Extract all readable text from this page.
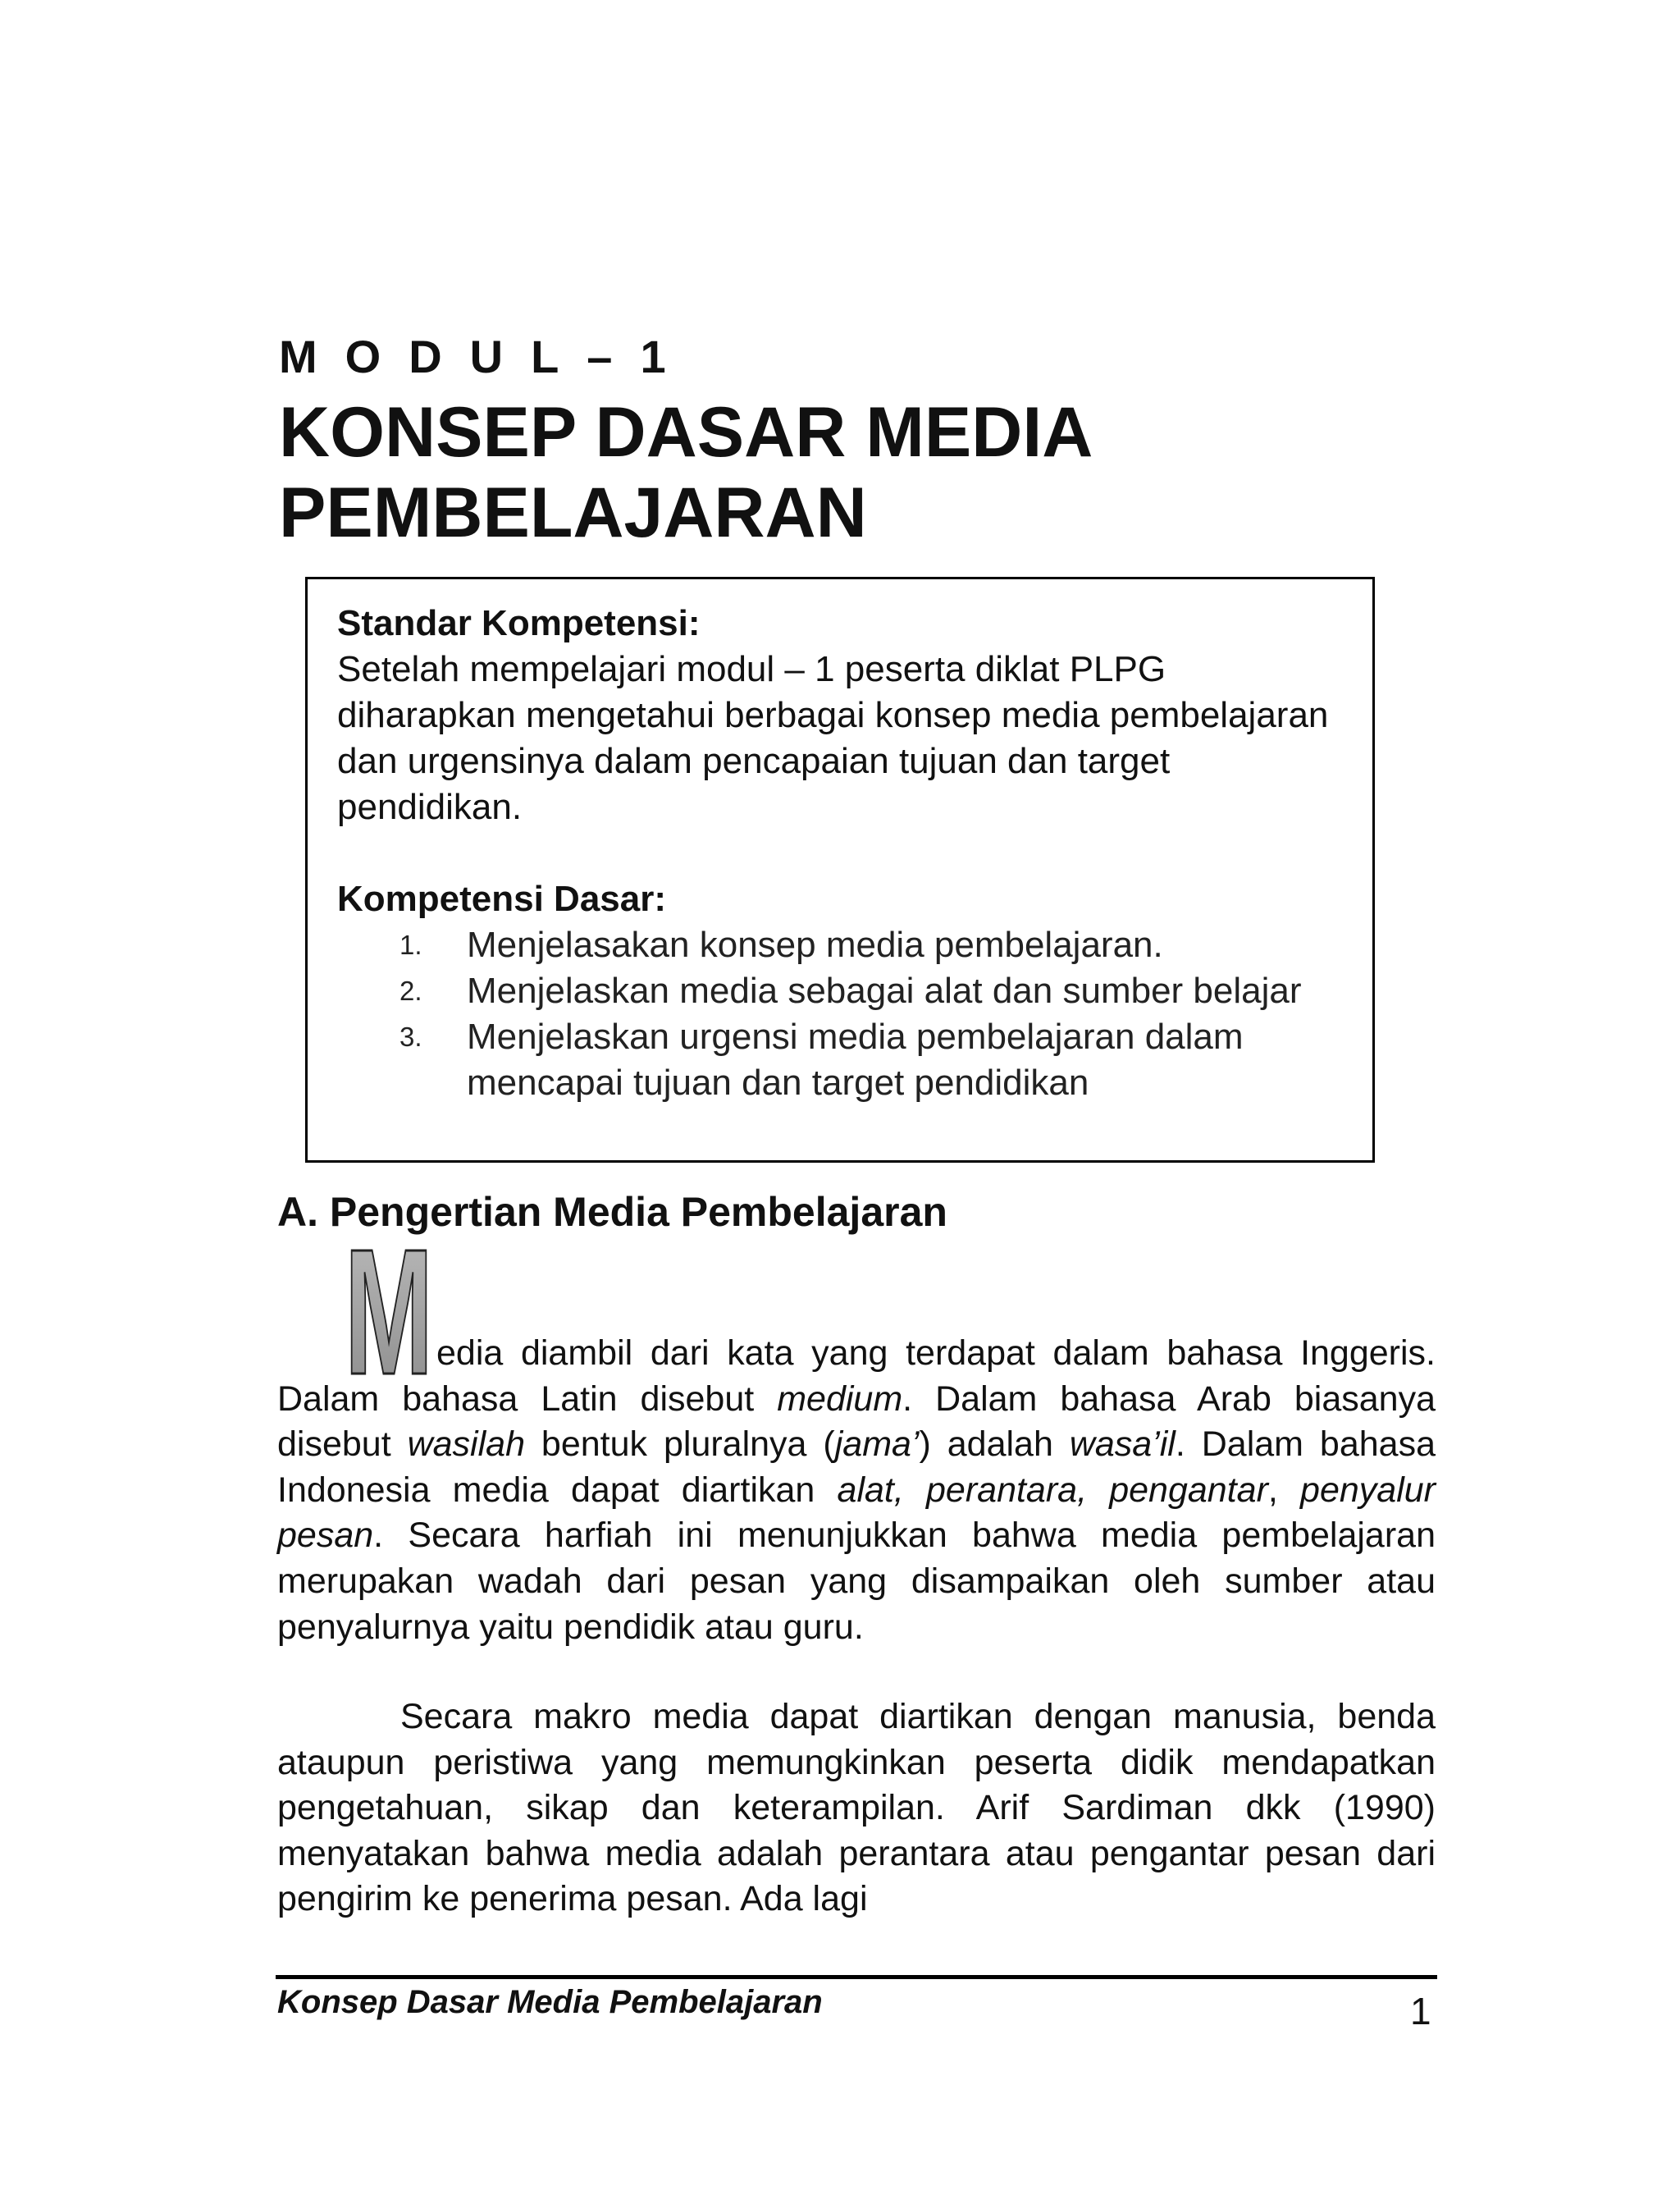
MODUL–1
KONSEP DASAR MEDIA
PEMBELAJARAN
Standar Kompetensi:
Setelah mempelajari modul – 1 peserta diklat PLPG diharapkan mengetahui berbagai konsep media pembelajaran dan urgensinya dalam pencapaian tujuan dan target pendidikan.
Kompetensi Dasar:
1. Menjelasakan konsep media pembelajaran.
2. Menjelaskan media sebagai alat dan sumber belajar
3. Menjelaskan urgensi media pembelajaran dalam mencapai tujuan dan target pendidikan
A. Pengertian Media Pembelajaran
M edia diambil dari kata yang terdapat dalam bahasa Inggeris. Dalam bahasa Latin disebut medium. Dalam bahasa Arab biasanya disebut wasilah bentuk pluralnya (jama’) adalah wasa’il. Dalam bahasa Indonesia media dapat diartikan alat, perantara, pengantar, penyalur pesan. Secara harfiah ini menunjukkan bahwa media pembelajaran merupakan wadah dari pesan yang disampaikan oleh sumber atau penyalurnya yaitu pendidik atau guru.
Secara makro media dapat diartikan dengan manusia, benda ataupun peristiwa yang memungkinkan peserta didik mendapatkan pengetahuan, sikap dan keterampilan. Arif Sardiman dkk (1990) menyatakan bahwa media adalah perantara atau pengantar pesan dari pengirim ke penerima pesan. Ada lagi
Konsep Dasar Media Pembelajaran	1
